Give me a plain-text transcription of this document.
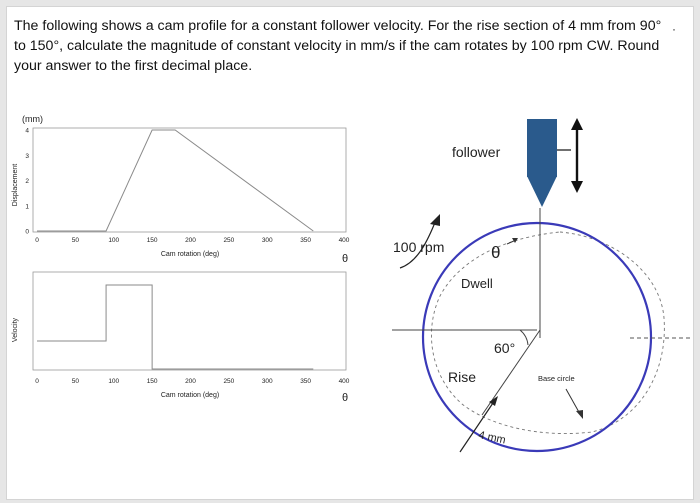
The following shows a cam profile for a constant follower velocity. For the rise section of 4 mm from 90° to 150°, calculate the magnitude of constant velocity in mm/s if the cam rotates by 100 rpm CW. Round your answer to the first decimal place.
·
(mm)
Displacement
0
1
2
3
4
0	50	100	150	200	250	300	350	400
Cam rotation (deg)	θ
Velocity
0	50	100	150	200	250	300	350	400
Cam rotation (deg)	θ
follower
100 rpm	θ
Dwell
60°
Rise	Base circle
4 mm
